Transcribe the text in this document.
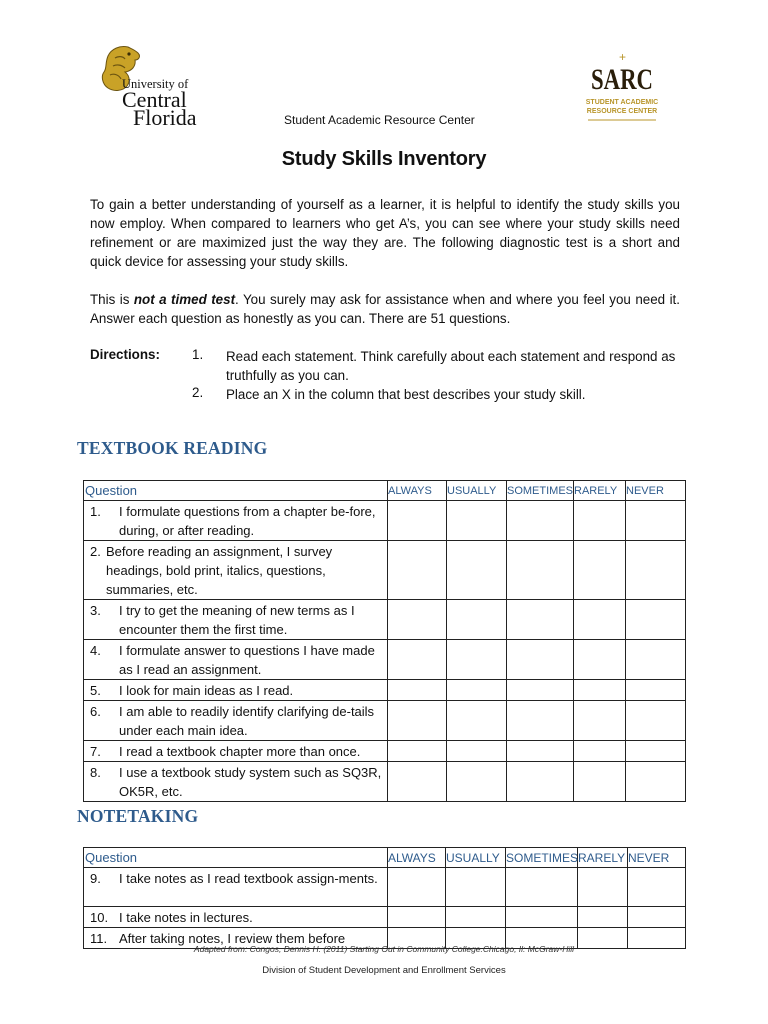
University of
Central
Florida
SARC
+
STUDENT ACADEMIC
RESOURCE CENTER
Student Academic Resource Center
Study Skills Inventory
To gain a better understanding of yourself as a learner, it is helpful to identify the study skills you now employ. When compared to learners who get A’s, you can see where your study skills need refinement or are maximized just the way they are. The following diagnostic test is a short and quick device for assessing your study skills.
This is not a timed test. You surely may ask for assistance when and where you feel you need it. Answer each question as honestly as you can. There are 51 questions.
Directions: 1. Read each statement. Think carefully about each statement and respond as truthfully as you can.
2. Place an X in the column that best describes your study skill.
TEXTBOOK READING
Question	ALWAYS	USUALLY	SOMETIMES	RARELY	NEVER

1. I formulate questions from a chapter be-fore, during, or after reading.					

2. Before reading an assignment, I survey headings, bold print, italics, questions, summaries, etc.					

3. I try to get the meaning of new terms as I encounter them the first time.					

4. I formulate answer to questions I have made as I read an assignment.					

5. I look for main ideas as I read.					

6. I am able to readily identify clarifying de-tails under each main idea.					

7. I read a textbook chapter more than once.					

8. I use a textbook study system such as SQ3R, OK5R, etc.					

NOTETAKING
Question	ALWAYS	USUALLY	SOMETIMES	RARELY	NEVER

9. I take notes as I read textbook assign-ments.					

10. I take notes in lectures.					

11. After taking notes, I review them before					

Adapted from: Congos, Dennis H. (2011) Starting Out in Community College.Chicago, Il: McGraw-Hill
Division of Student Development and Enrollment Services
